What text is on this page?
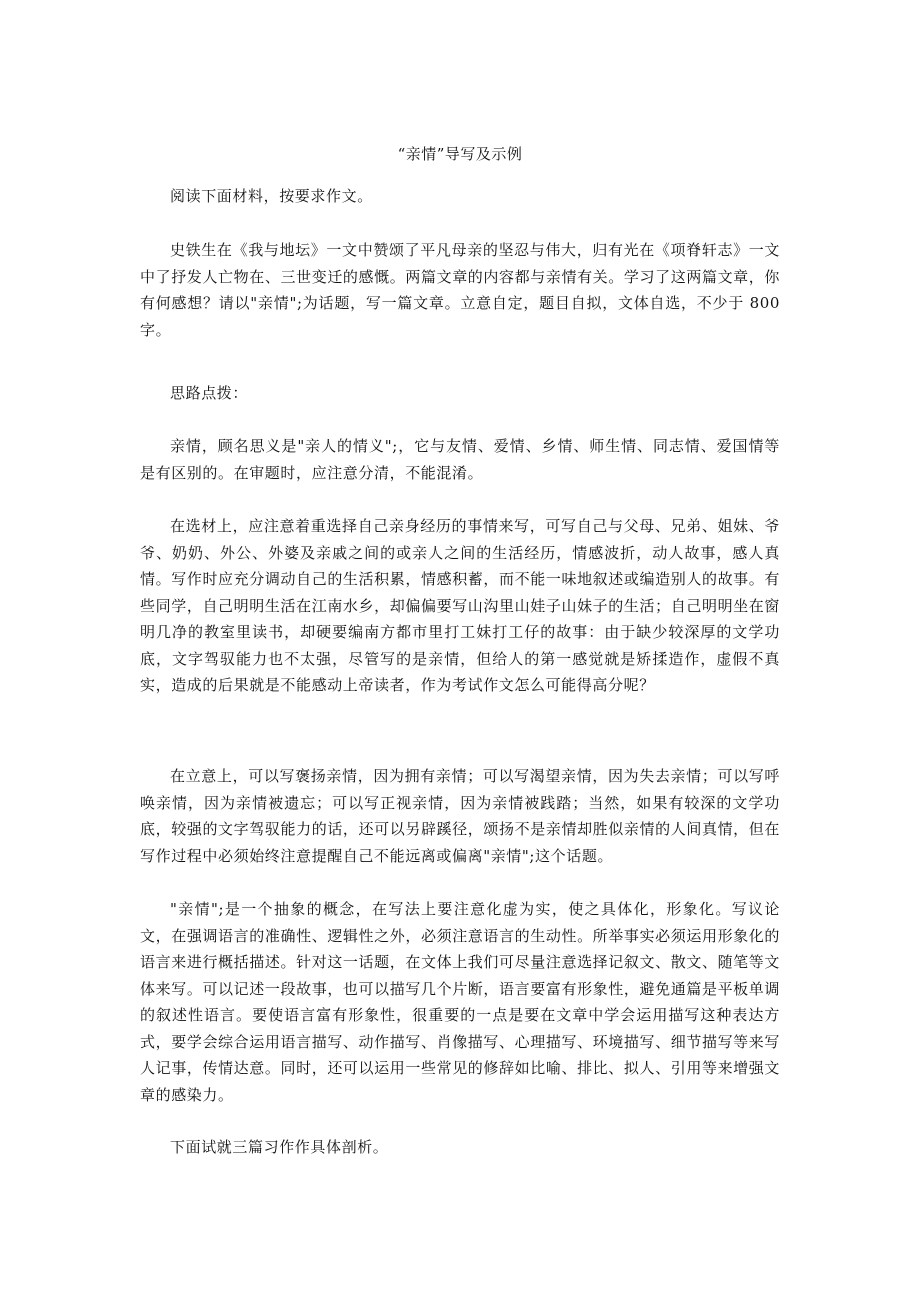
“亲情”导写及示例

阅读下面材料，按要求作文。

史铁生在《我与地坛》一文中赞颂了平凡母亲的坚忍与伟大，归有光在《项脊轩志》一文中了抒发人亡物在、三世变迁的感慨。两篇文章的内容都与亲情有关。学习了这两篇文章，你有何感想？请以"亲情";为话题，写一篇文章。立意自定，题目自拟，文体自选，不少于 800 字。

思路点拨：

亲情，顾名思义是"亲人的情义";，它与友情、爱情、乡情、师生情、同志情、爱国情等是有区别的。在审题时，应注意分清，不能混淆。

在选材上，应注意着重选择自己亲身经历的事情来写，可写自己与父母、兄弟、姐妹、爷爷、奶奶、外公、外婆及亲戚之间的或亲人之间的生活经历，情感波折，动人故事，感人真情。写作时应充分调动自己的生活积累，情感积蓄，而不能一味地叙述或编造别人的故事。有些同学，自己明明生活在江南水乡，却偏偏要写山沟里山娃子山妹子的生活；自己明明坐在窗明几净的教室里读书，却硬要编南方都市里打工妹打工仔的故事：由于缺少较深厚的文学功底，文字驾驭能力也不太强，尽管写的是亲情，但给人的第一感觉就是矫揉造作，虚假不真实，造成的后果就是不能感动上帝读者，作为考试作文怎么可能得高分呢？

在立意上，可以写褒扬亲情，因为拥有亲情；可以写渴望亲情，因为失去亲情；可以写呼唤亲情，因为亲情被遗忘；可以写正视亲情，因为亲情被践踏；当然，如果有较深的文学功底，较强的文字驾驭能力的话，还可以另辟蹊径，颂扬不是亲情却胜似亲情的人间真情，但在写作过程中必须始终注意提醒自己不能远离或偏离"亲情";这个话题。

"亲情";是一个抽象的概念，在写法上要注意化虚为实，使之具体化，形象化。写议论文，在强调语言的准确性、逻辑性之外，必须注意语言的生动性。所举事实必须运用形象化的语言来进行概括描述。针对这一话题，在文体上我们可尽量注意选择记叙文、散文、随笔等文体来写。可以记述一段故事，也可以描写几个片断，语言要富有形象性，避免通篇是平板单调的叙述性语言。要使语言富有形象性，很重要的一点是要在文章中学会运用描写这种表达方式，要学会综合运用语言描写、动作描写、肖像描写、心理描写、环境描写、细节描写等来写人记事，传情达意。同时，还可以运用一些常见的修辞如比喻、排比、拟人、引用等来增强文章的感染力。

下面试就三篇习作作具体剖析。
